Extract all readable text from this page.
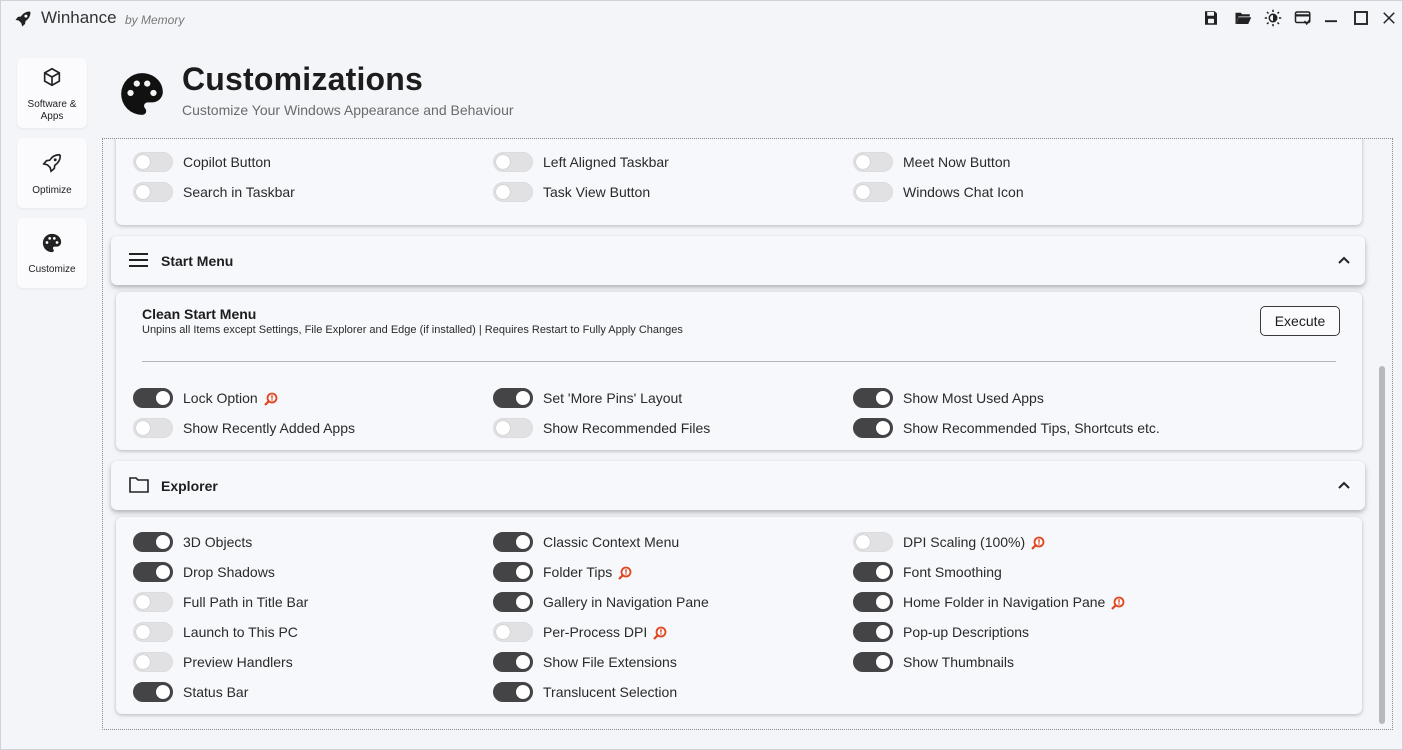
Winhance by Memory
Software & Apps
Optimize
Customize
Customizations
Customize Your Windows Appearance and Behaviour
Copilot Button	Left Aligned Taskbar	Meet Now Button
Search in Taskbar	Task View Button	Windows Chat Icon
Start Menu
Clean Start Menu
Unpins all Items except Settings, File Explorer and Edge (if installed) | Requires Restart to Fully Apply Changes
Execute
Lock Option	Set 'More Pins' Layout	Show Most Used Apps
Show Recently Added Apps	Show Recommended Files	Show Recommended Tips, Shortcuts etc.
Explorer
3D Objects	Classic Context Menu	DPI Scaling (100%)
Drop Shadows	Folder Tips	Font Smoothing
Full Path in Title Bar	Gallery in Navigation Pane	Home Folder in Navigation Pane
Launch to This PC	Per-Process DPI	Pop-up Descriptions
Preview Handlers	Show File Extensions	Show Thumbnails
Status Bar	Translucent Selection
